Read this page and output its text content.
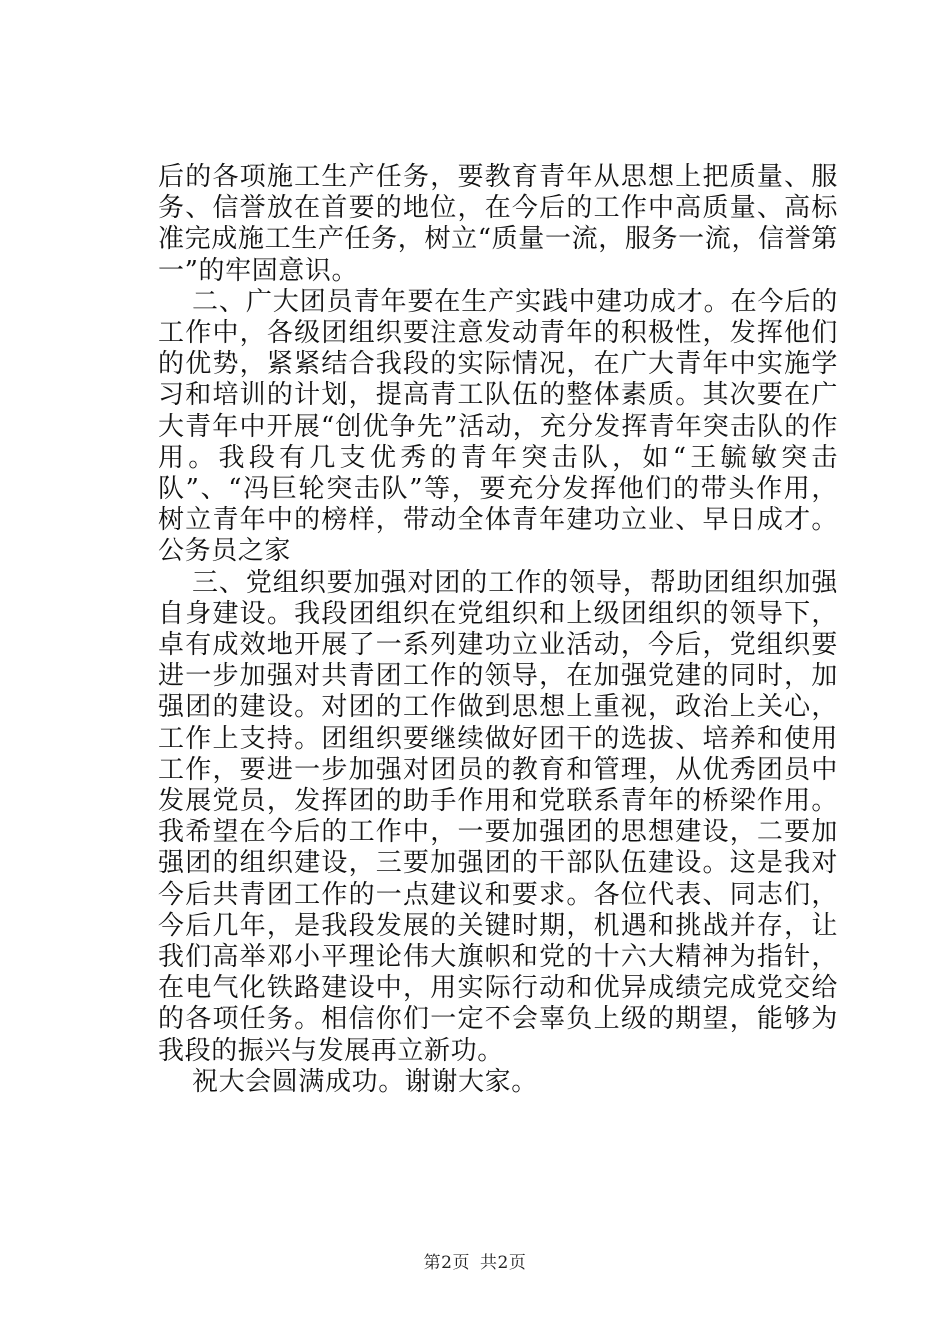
后的各项施工生产任务，要教育青年从思想上把质量、服务、信誉放在首要的地位，在今后的工作中高质量、高标准完成施工生产任务，树立“质量一流，服务一流，信誉第一”的牢固意识。

二、广大团员青年要在生产实践中建功成才。在今后的工作中，各级团组织要注意发动青年的积极性，发挥他们的优势，紧紧结合我段的实际情况，在广大青年中实施学习和培训的计划，提高青工队伍的整体素质。其次要在广大青年中开展“创优争先”活动，充分发挥青年突击队的作用。我段有几支优秀的青年突击队，如“王毓敏突击队”、“冯巨轮突击队”等，要充分发挥他们的带头作用，树立青年中的榜样，带动全体青年建功立业、早日成才。公务员之家

三、党组织要加强对团的工作的领导，帮助团组织加强自身建设。我段团组织在党组织和上级团组织的领导下，卓有成效地开展了一系列建功立业活动，今后，党组织要进一步加强对共青团工作的领导，在加强党建的同时，加强团的建设。对团的工作做到思想上重视，政治上关心，工作上支持。团组织要继续做好团干的选拔、培养和使用工作，要进一步加强对团员的教育和管理，从优秀团员中发展党员，发挥团的助手作用和党联系青年的桥梁作用。我希望在今后的工作中，一要加强团的思想建设，二要加强团的组织建设，三要加强团的干部队伍建设。这是我对今后共青团工作的一点建议和要求。各位代表、同志们，今后几年，是我段发展的关键时期，机遇和挑战并存，让我们高举邓小平理论伟大旗帜和党的十六大精神为指针，在电气化铁路建设中，用实际行动和优异成绩完成党交给的各项任务。相信你们一定不会辜负上级的期望，能够为我段的振兴与发展再立新功。

祝大会圆满成功。谢谢大家。

第2页 共2页
